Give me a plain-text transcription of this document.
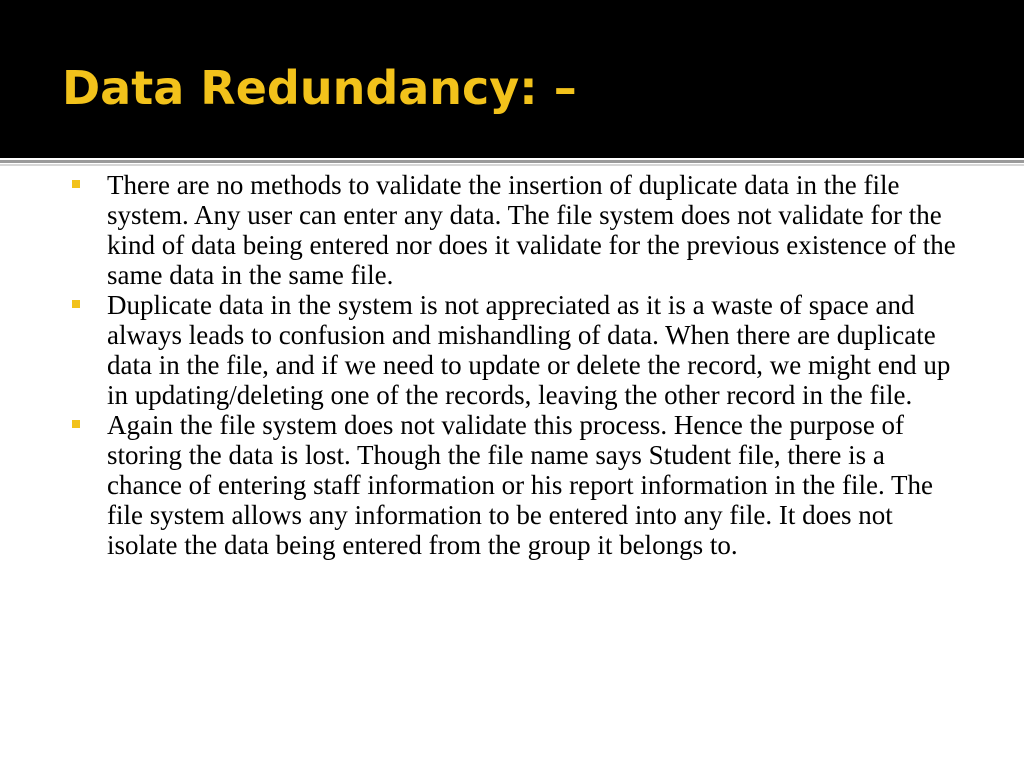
Data Redundancy: –
There are no methods to validate the insertion of duplicate data in the file system. Any user can enter any data. The file system does not validate for the kind of data being entered nor does it validate for the previous existence of the same data in the same file.
Duplicate data in the system is not appreciated as it is a waste of space and always leads to confusion and mishandling of data. When there are duplicate data in the file, and if we need to update or delete the record, we might end up in updating/deleting one of the records, leaving the other record in the file.
Again the file system does not validate this process. Hence the purpose of storing the data is lost. Though the file name says Student file, there is a chance of entering staff information or his report information in the file. The file system allows any information to be entered into any file. It does not isolate the data being entered from the group it belongs to.
